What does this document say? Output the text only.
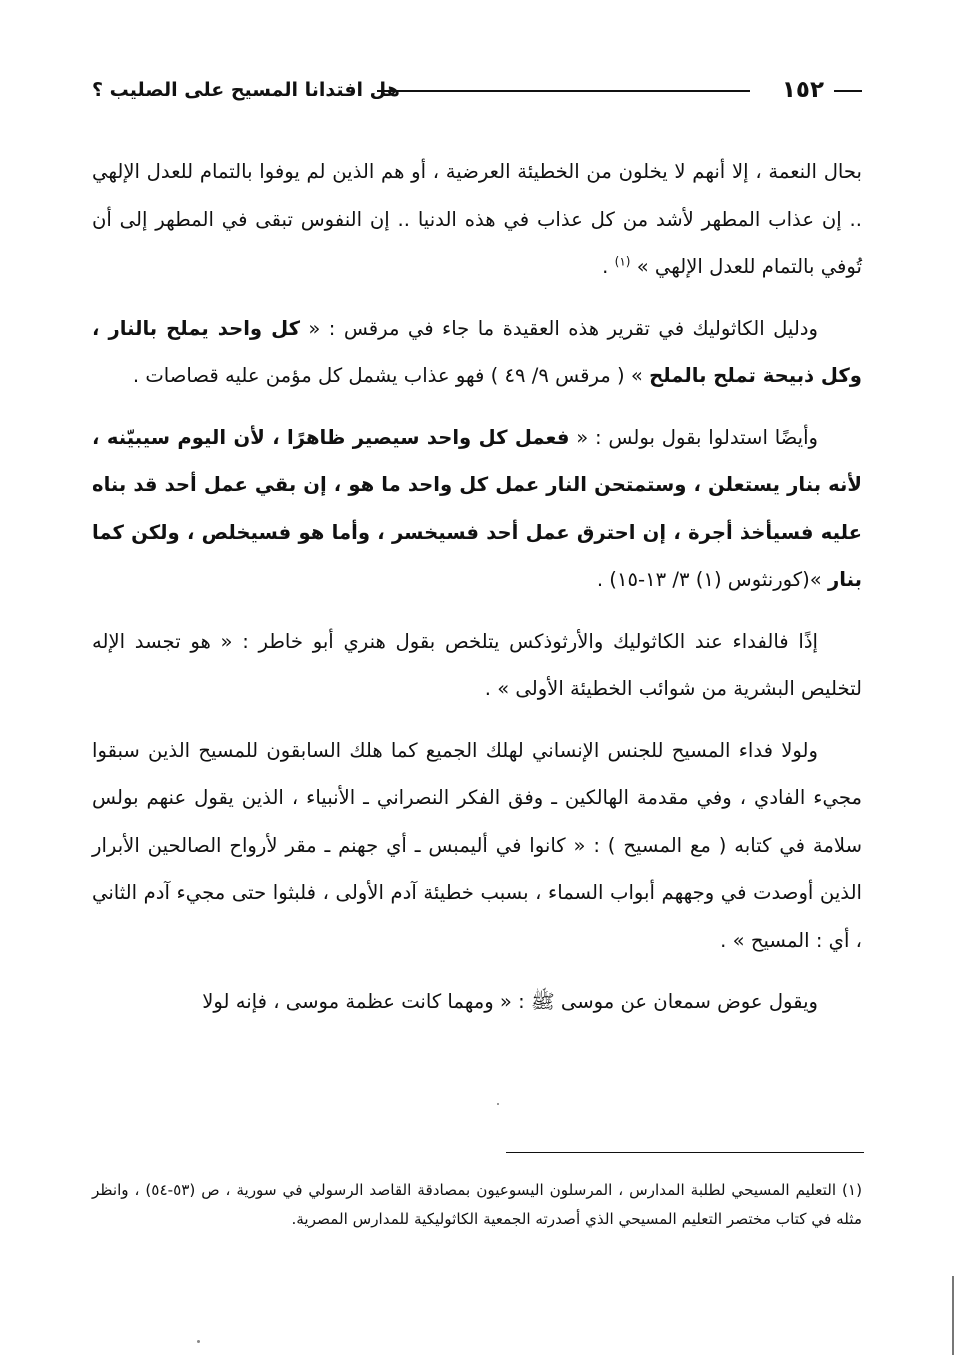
١٥٢
هل افتدانا المسيح على الصليب ؟

بحال النعمة ، إلا أنهم لا يخلون من الخطيئة العرضية ، أو هم الذين لم يوفوا بالتمام للعدل الإلهي .. إن عذاب المطهر لأشد من كل عذاب في هذه الدنيا .. إن النفوس تبقى في المطهر إلى أن تُوفي بالتمام للعدل الإلهي » $^{(١)}$ .

ودليل الكاثوليك في تقرير هذه العقيدة ما جاء في مرقس : « كل واحد يملح بالنار ، وكل ذبيحة تملح بالملح » ( مرقس ٩/ ٤٩ ) فهو عذاب يشمل كل مؤمن عليه قصاصات .

وأيضًا استدلوا بقول بولس : « فعمل كل واحد سيصير ظاهرًا ، لأن اليوم سيبيّنه ، لأنه بنار يستعلن ، وستمتحن النار عمل كل واحد ما هو ، إن بقي عمل أحد قد بناه عليه فسيأخذ أجرة ، إن احترق عمل أحد فسيخسر ، وأما هو فسيخلص ، ولكن كما بنار »(كورنثوس (١) ٣/ ١٣-١٥) .

إذًا فالفداء عند الكاثوليك والأرثوذكس يتلخص بقول هنري أبو خاطر : « هو تجسد الإله لتخليص البشرية من شوائب الخطيئة الأولى » .

ولولا فداء المسيح للجنس الإنساني لهلك الجميع كما هلك السابقون للمسيح الذين سبقوا مجيء الفادي ، وفي مقدمة الهالكين ـ وفق الفكر النصراني ـ الأنبياء ، الذين يقول عنهم بولس سلامة في كتابه ( مع المسيح ) : « كانوا في أليمبس ـ أي جهنم ـ مقر لأرواح الصالحين الأبرار الذين أوصدت في وجههم أبواب السماء ، بسبب خطيئة آدم الأولى ، فلبثوا حتى مجيء آدم الثاني ، أي : المسيح » .

ويقول عوض سمعان عن موسى ﷺ : « ومهما كانت عظمة موسى ، فإنه لولا

(١) التعليم المسيحي لطلبة المدارس ، المرسلون اليسوعيون بمصادقة القاصد الرسولي في سورية ، ص (٥٣-٥٤) ، وانظر مثله في كتاب مختصر التعليم المسيحي الذي أصدرته الجمعية الكاثوليكية للمدارس المصرية.
